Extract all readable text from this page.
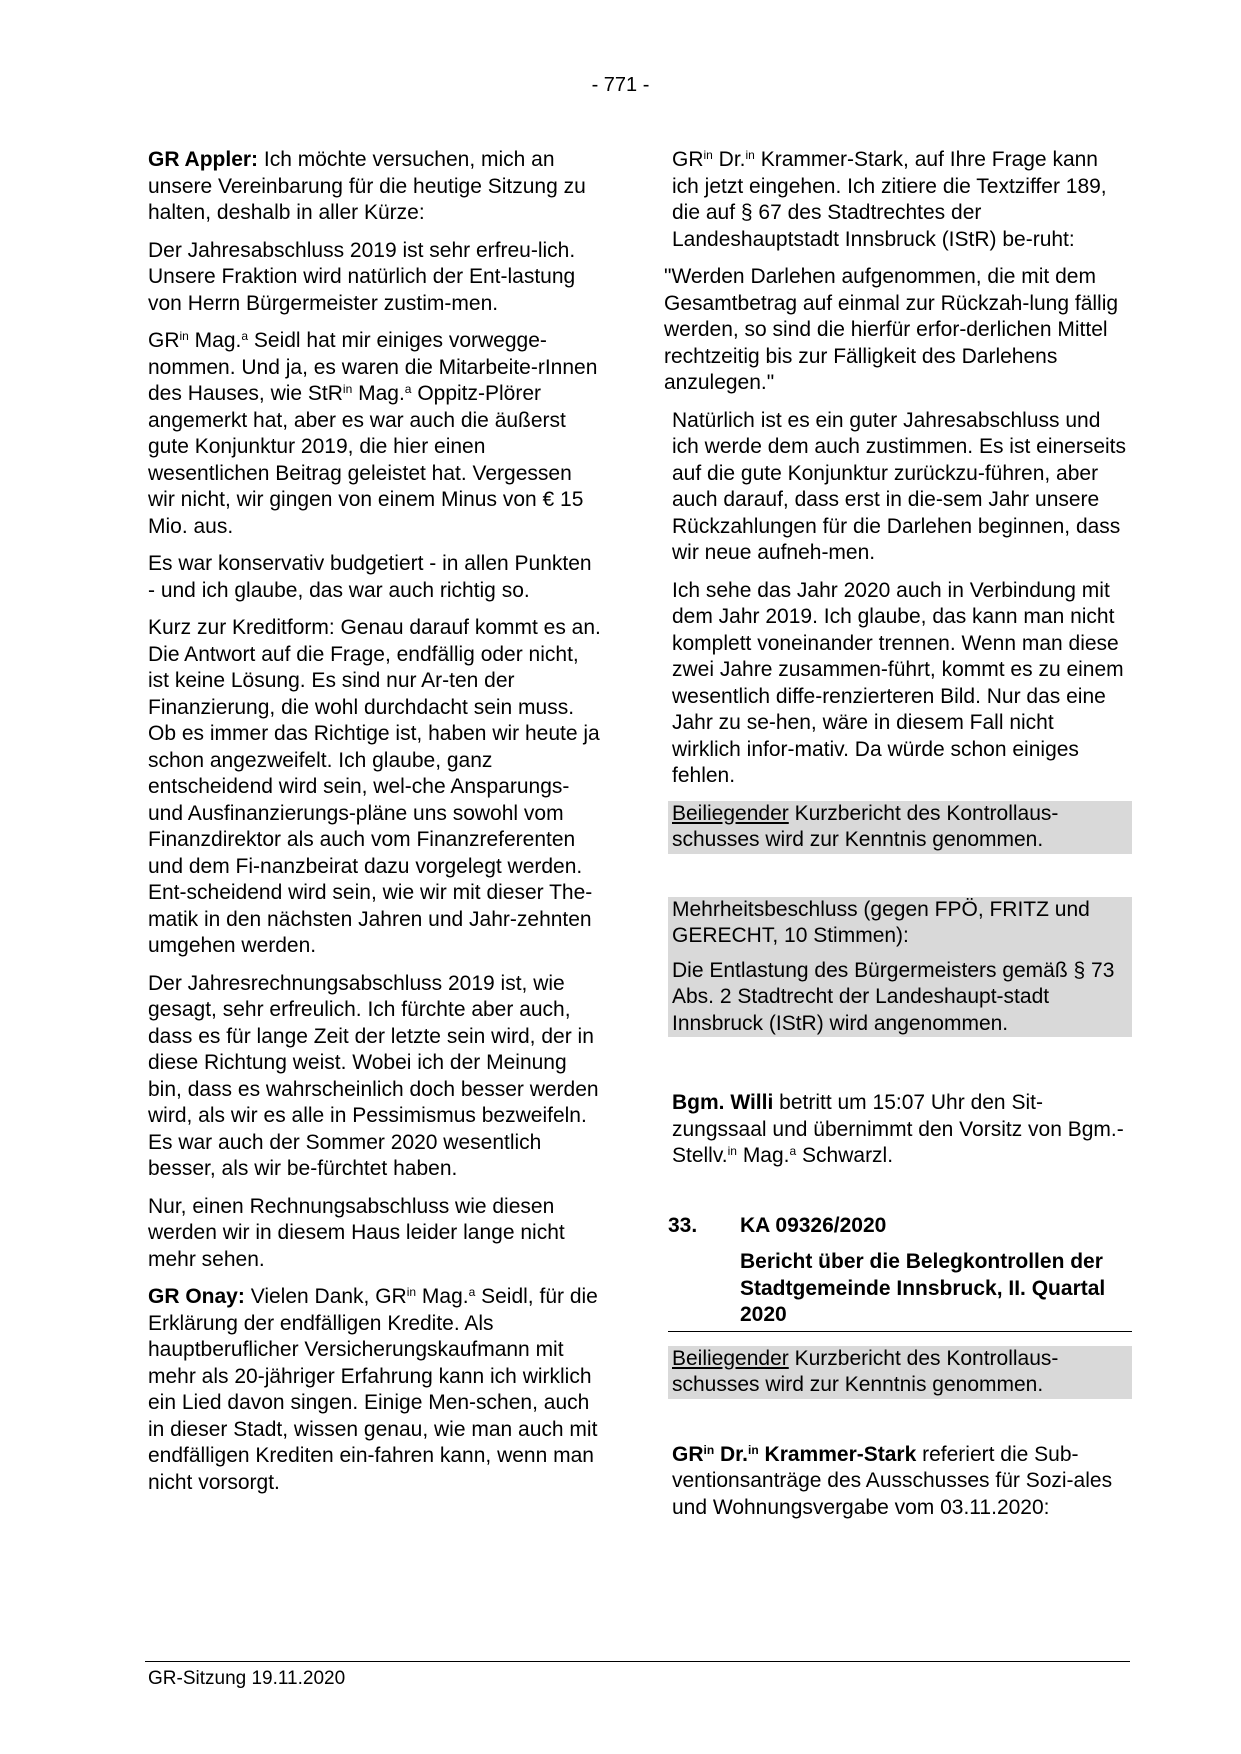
- 771 -

GR Appler: Ich möchte versuchen, mich an unsere Vereinbarung für die heutige Sitzung zu halten, deshalb in aller Kürze:

Der Jahresabschluss 2019 ist sehr erfreu-lich. Unsere Fraktion wird natürlich der Ent-lastung von Herrn Bürgermeister zustim-men.

$GR^{in}$ Mag.$^a$ Seidl hat mir einiges vorwegge-nommen. Und ja, es waren die Mitarbeite-rInnen des Hauses, wie StR$^{in}$ Mag.$^a$ Oppitz-Plörer angemerkt hat, aber es war auch die äußerst gute Konjunktur 2019, die hier einen wesentlichen Beitrag geleistet hat. Vergessen wir nicht, wir gingen von einem Minus von € 15 Mio. aus.

Es war konservativ budgetiert - in allen Punkten - und ich glaube, das war auch richtig so.

Kurz zur Kreditform: Genau darauf kommt es an. Die Antwort auf die Frage, endfällig oder nicht, ist keine Lösung. Es sind nur Ar-ten der Finanzierung, die wohl durchdacht sein muss. Ob es immer das Richtige ist, haben wir heute ja schon angezweifelt. Ich glaube, ganz entscheidend wird sein, wel-che Ansparungs- und Ausfinanzierungs-pläne uns sowohl vom Finanzdirektor als auch vom Finanzreferenten und dem Fi-nanzbeirat dazu vorgelegt werden. Ent-scheidend wird sein, wie wir mit dieser The-matik in den nächsten Jahren und Jahr-zehnten umgehen werden.

Der Jahresrechnungsabschluss 2019 ist, wie gesagt, sehr erfreulich. Ich fürchte aber auch, dass es für lange Zeit der letzte sein wird, der in diese Richtung weist. Wobei ich der Meinung bin, dass es wahrscheinlich doch besser werden wird, als wir es alle in Pessimismus bezweifeln. Es war auch der Sommer 2020 wesentlich besser, als wir be-fürchtet haben.

Nur, einen Rechnungsabschluss wie diesen werden wir in diesem Haus leider lange nicht mehr sehen.

GR Onay: Vielen Dank, $GR^{in}$ Mag.$^a$ Seidl, für die Erklärung der endfälligen Kredite. Als hauptberuflicher Versicherungskaufmann mit mehr als 20-jähriger Erfahrung kann ich wirklich ein Lied davon singen. Einige Men-schen, auch in dieser Stadt, wissen genau, wie man auch mit endfälligen Krediten ein-fahren kann, wenn man nicht vorsorgt.

$GR^{in}$ Dr.$^{in}$ Krammer-Stark, auf Ihre Frage kann ich jetzt eingehen. Ich zitiere die Textziffer 189, die auf § 67 des Stadtrechtes der Landeshauptstadt Innsbruck (IStR) be-ruht:

"Werden Darlehen aufgenommen, die mit dem Gesamtbetrag auf einmal zur Rückzah-lung fällig werden, so sind die hierfür erfor-derlichen Mittel rechtzeitig bis zur Fälligkeit des Darlehens anzulegen."

Natürlich ist es ein guter Jahresabschluss und ich werde dem auch zustimmen. Es ist einerseits auf die gute Konjunktur zurückzu-führen, aber auch darauf, dass erst in die-sem Jahr unsere Rückzahlungen für die Darlehen beginnen, dass wir neue aufneh-men.

Ich sehe das Jahr 2020 auch in Verbindung mit dem Jahr 2019. Ich glaube, das kann man nicht komplett voneinander trennen. Wenn man diese zwei Jahre zusammen-führt, kommt es zu einem wesentlich diffe-renzierteren Bild. Nur das eine Jahr zu se-hen, wäre in diesem Fall nicht wirklich infor-mativ. Da würde schon einiges fehlen.

Beiliegender Kurzbericht des Kontrollaus-schusses wird zur Kenntnis genommen.

Mehrheitsbeschluss (gegen FPÖ, FRITZ und GERECHT, 10 Stimmen):

Die Entlastung des Bürgermeisters gemäß § 73 Abs. 2 Stadtrecht der Landeshaupt-stadt Innsbruck (IStR) wird angenommen.

Bgm. Willi betritt um 15:07 Uhr den Sit-zungssaal und übernimmt den Vorsitz von Bgm.-Stellv.$^{in}$ Mag.$^a$ Schwarzl.

33.	KA 09326/2020
Bericht über die Belegkontrollen der Stadtgemeinde Innsbruck, II. Quartal 2020

Beiliegender Kurzbericht des Kontrollaus-schusses wird zur Kenntnis genommen.

$GR^{in}$ Dr.$^{in}$ Krammer-Stark referiert die Sub-ventionsanträge des Ausschusses für Sozi-ales und Wohnungsvergabe vom 03.11.2020:

GR-Sitzung 19.11.2020
